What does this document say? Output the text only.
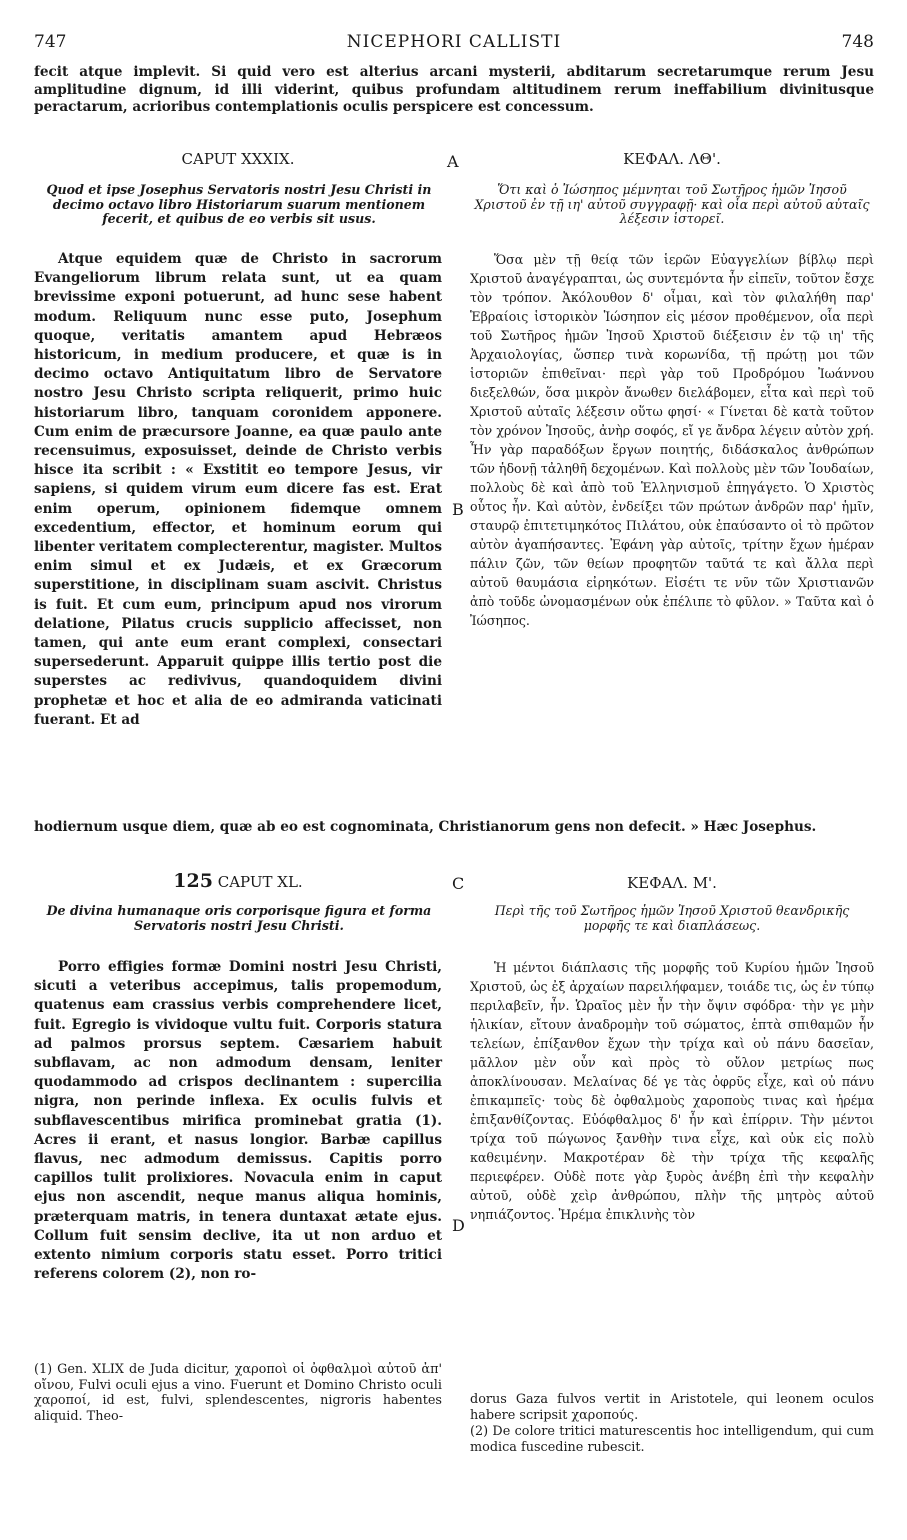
747	NICEPHORI CALLISTI	748
fecit atque implevit. Si quid vero est alterius arcani mysterii, abditarum secretarumque rerum Jesu amplitudine dignum, id illi viderint, quibus profundam altitudinem rerum ineffabilium divinitusque peractarum, acrioribus contemplationis oculis perspicere est concessum.
CAPUT XXXIX.	A	ΚΕΦΑΛ. ΛΘ'.
Quod et ipse Josephus Servatoris nostri Jesu Christi in decimo octavo libro Historiarum suarum mentionem fecerit, et quibus de eo verbis sit usus.
Ὅτι καὶ ὁ Ἰώσηπος μέμνηται τοῦ Σωτῆρος ἡμῶν Ἰησοῦ Χριστοῦ ἐν τῇ ιη' αὐτοῦ συγγραφῇ· καὶ οἷα περὶ αὐτοῦ αὐταῖς λέξεσιν ἱστορεῖ.
Atque equidem quæ de Christo in sacrorum Evangeliorum librum relata sunt, ut ea quam brevissime exponi potuerunt, ad hunc sese habent modum. Reliquum nunc esse puto, Josephum quoque, veritatis amantem apud Hebræos historicum, in medium producere, et quæ is in decimo octavo Antiquitatum libro de Servatore nostro Jesu Christo scripta reliquerit, primo huic historiarum libro, tanquam coronidem apponere. Cum enim de præcursore Joanne, ea quæ paulo ante recensuimus, exposuisset, deinde de Christo verbis hisce ita scribit : « Exstitit eo tempore Jesus, vir sapiens, si quidem virum eum dicere fas est. Erat enim operum, opinionem fidemque omnem excedentium, effector, et hominum eorum qui libenter veritatem complecterentur, magister. Multos enim simul et ex Judæis, et ex Græcorum superstitione, in disciplinam suam ascivit. Christus is fuit. Et cum eum, principum apud nos virorum delatione, Pilatus crucis supplicio affecisset, non tamen, qui ante eum erant complexi, consectari supersederunt. Apparuit quippe illis tertio post die superstes ac redivivus, quandoquidem divini prophetæ et hoc et alia de eo admiranda vaticinati fuerant. Et ad
B
Ὅσα μὲν τῇ θείᾳ τῶν ἱερῶν Εὐαγγελίων βίβλῳ περὶ Χριστοῦ ἀναγέγραπται, ὡς συντεμόντα ἦν εἰπεῖν, τοῦτον ἔσχε τὸν τρόπον. Ἀκόλουθον δ' οἶμαι, καὶ τὸν φιλαλήθη παρ' Ἑβραίοις ἱστορικὸν Ἰώσηπον εἰς μέσον προθέμενον, οἷα περὶ τοῦ Σωτῆρος ἡμῶν Ἰησοῦ Χριστοῦ διέξεισιν ἐν τῷ ιη' τῆς Ἀρχαιολογίας, ὥσπερ τινὰ κορωνίδα, τῇ πρώτῃ μοι τῶν ἱστοριῶν ἐπιθεῖναι· περὶ γὰρ τοῦ Προδρόμου Ἰωάννου διεξελθών, ὅσα μικρὸν ἄνωθεν διελάβομεν, εἶτα καὶ περὶ τοῦ Χριστοῦ αὐταῖς λέξεσιν οὕτω φησί· « Γίνεται δὲ κατὰ τοῦτον τὸν χρόνον Ἰησοῦς, ἀνὴρ σοφός, εἴ γε ἄνδρα λέγειν αὐτὸν χρή. Ἦν γὰρ παραδόξων ἔργων ποιητής, διδάσκαλος ἀνθρώπων τῶν ἡδονῇ τἀληθῆ δεχομένων. Καὶ πολλοὺς μὲν τῶν Ἰουδαίων, πολλοὺς δὲ καὶ ἀπὸ τοῦ Ἑλληνισμοῦ ἐπηγάγετο. Ὁ Χριστὸς οὗτος ἦν. Καὶ αὐτὸν, ἐνδείξει τῶν πρώτων ἀνδρῶν παρ' ἡμῖν, σταυρῷ ἐπιτετιμηκότος Πιλάτου, οὐκ ἐπαύσαντο οἱ τὸ πρῶτον αὐτὸν ἀγαπήσαντες. Ἐφάνη γὰρ αὐτοῖς, τρίτην ἔχων ἡμέραν πάλιν ζῶν, τῶν θείων προφητῶν ταῦτά τε καὶ ἄλλα περὶ αὐτοῦ θαυμάσια εἰρηκότων. Εἰσέτι τε νῦν τῶν Χριστιανῶν ἀπὸ τοῦδε ὠνομασμένων οὐκ ἐπέλιπε τὸ φῦλον. » Ταῦτα καὶ ὁ Ἰώσηπος.
hodiernum usque diem, quæ ab eo est cognominata, Christianorum gens non defecit. » Hæc Josephus.
125 CAPUT XL.	C	ΚΕΦΑΛ. Μ'.
De divina humanaque oris corporisque figura et forma Servatoris nostri Jesu Christi.
Περὶ τῆς τοῦ Σωτῆρος ἡμῶν Ἰησοῦ Χριστοῦ θεανδρικῆς μορφῆς τε καὶ διαπλάσεως.
Porro effigies formæ Domini nostri Jesu Christi, sicuti a veteribus accepimus, talis propemodum, quatenus eam crassius verbis comprehendere licet, fuit. Egregio is vividoque vultu fuit. Corporis statura ad palmos prorsus septem. Cæsariem habuit subflavam, ac non admodum densam, leniter quodammodo ad crispos declinantem : supercilia nigra, non perinde inflexa. Ex oculis fulvis et subflavescentibus mirifica prominebat gratia (1). Acres ii erant, et nasus longior. Barbæ capillus flavus, nec admodum demissus. Capitis porro capillos tulit prolixiores. Novacula enim in caput ejus non ascendit, neque manus aliqua hominis, præterquam matris, in tenera duntaxat ætate ejus. Collum fuit sensim declive, ita ut non arduo et extento nimium corporis statu esset. Porro tritici referens colorem (2), non ro-
D
Ἡ μέντοι διάπλασις τῆς μορφῆς τοῦ Κυρίου ἡμῶν Ἰησοῦ Χριστοῦ, ὡς ἐξ ἀρχαίων παρειλήφαμεν, τοιάδε τις, ὡς ἐν τύπῳ περιλαβεῖν, ἦν. Ὡραῖος μὲν ἦν τὴν ὄψιν σφόδρα· τὴν γε μὴν ἡλικίαν, εἴτουν ἀναδρομὴν τοῦ σώματος, ἑπτὰ σπιθαμῶν ἦν τελείων, ἐπίξανθον ἔχων τὴν τρίχα καὶ οὐ πάνυ δασεῖαν, μᾶλλον μὲν οὖν καὶ πρὸς τὸ οὔλον μετρίως πως ἀποκλίνουσαν. Μελαίνας δέ γε τὰς ὀφρῦς εἶχε, καὶ οὐ πάνυ ἐπικαμπεῖς· τοὺς δὲ ὀφθαλμοὺς χαροποὺς τινας καὶ ἠρέμα ἐπιξανθίζοντας. Εὐόφθαλμος δ' ἦν καὶ ἐπίρριν. Τὴν μέντοι τρίχα τοῦ πώγωνος ξανθὴν τινα εἶχε, καὶ οὐκ εἰς πολὺ καθειμένην. Μακροτέραν δὲ τὴν τρίχα τῆς κεφαλῆς περιεφέρεν. Οὐδὲ ποτε γὰρ ξυρὸς ἀνέβη ἐπὶ τὴν κεφαλὴν αὐτοῦ, οὐδὲ χεὶρ ἀνθρώπου, πλὴν τῆς μητρὸς αὐτοῦ νηπιάζοντος. Ἠρέμα ἐπικλινὴς τὸν
(1) Gen. XLIX de Juda dicitur, χαροποὶ οἱ ὀφθαλμοὶ αὐτοῦ ἀπ' οἴνου, Fulvi oculi ejus a vino. Fuerunt et Domino Christo oculi χαροποί, id est, fulvi, splendescentes, nigroris habentes aliquid. Theo-
dorus Gaza fulvos vertit in Aristotele, qui leonem oculos habere scripsit χαροπούς.
(2) De colore tritici maturescentis hoc intelligendum, qui cum modica fuscedine rubescit.
